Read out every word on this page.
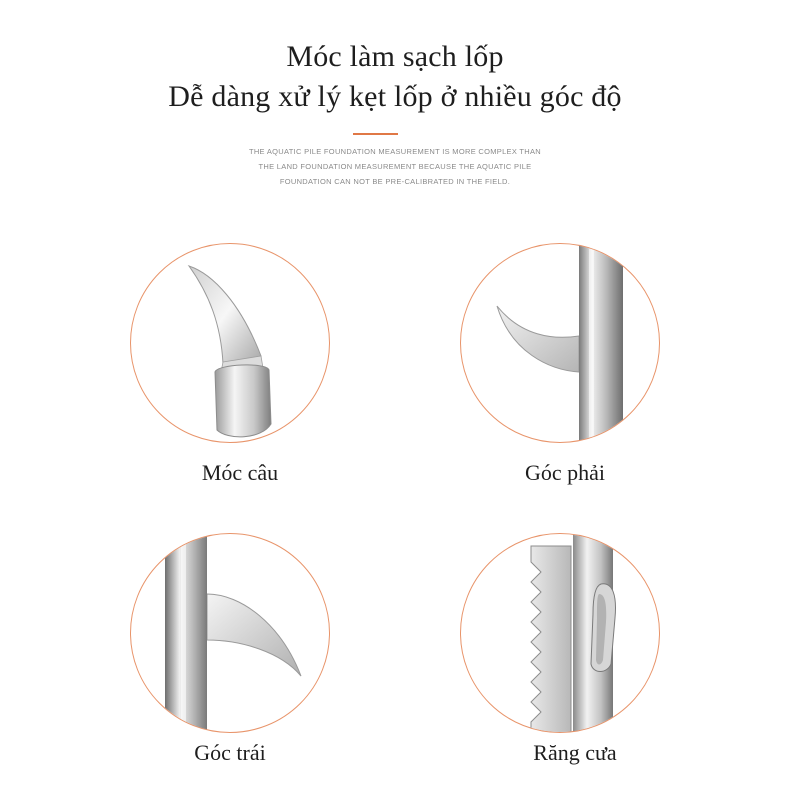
Móc làm sạch lốp
Dễ dàng xử lý kẹt lốp ở nhiều góc độ
THE AQUATIC PILE FOUNDATION MEASUREMENT IS MORE COMPLEX THAN
THE LAND FOUNDATION MEASUREMENT BECAUSE THE AQUATIC PILE
FOUNDATION CAN NOT BE PRE-CALIBRATED IN THE FIELD.
Móc câu	Góc phải
Góc trái	Răng cưa
